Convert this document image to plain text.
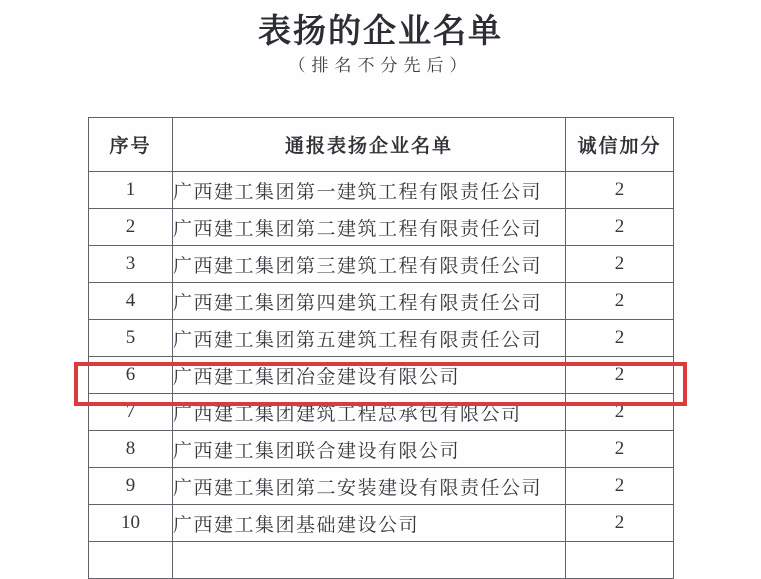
表扬的企业名单
（排名不分先后）
序号	通报表扬企业名单	诚信加分
1	广西建工集团第一建筑工程有限责任公司	2
2	广西建工集团第二建筑工程有限责任公司	2
3	广西建工集团第三建筑工程有限责任公司	2
4	广西建工集团第四建筑工程有限责任公司	2
5	广西建工集团第五建筑工程有限责任公司	2
6	广西建工集团冶金建设有限公司	2
7	广西建工集团建筑工程总承包有限公司	2
8	广西建工集团联合建设有限公司	2
9	广西建工集团第二安装建设有限责任公司	2
10	广西建工集团基础建设公司	2
